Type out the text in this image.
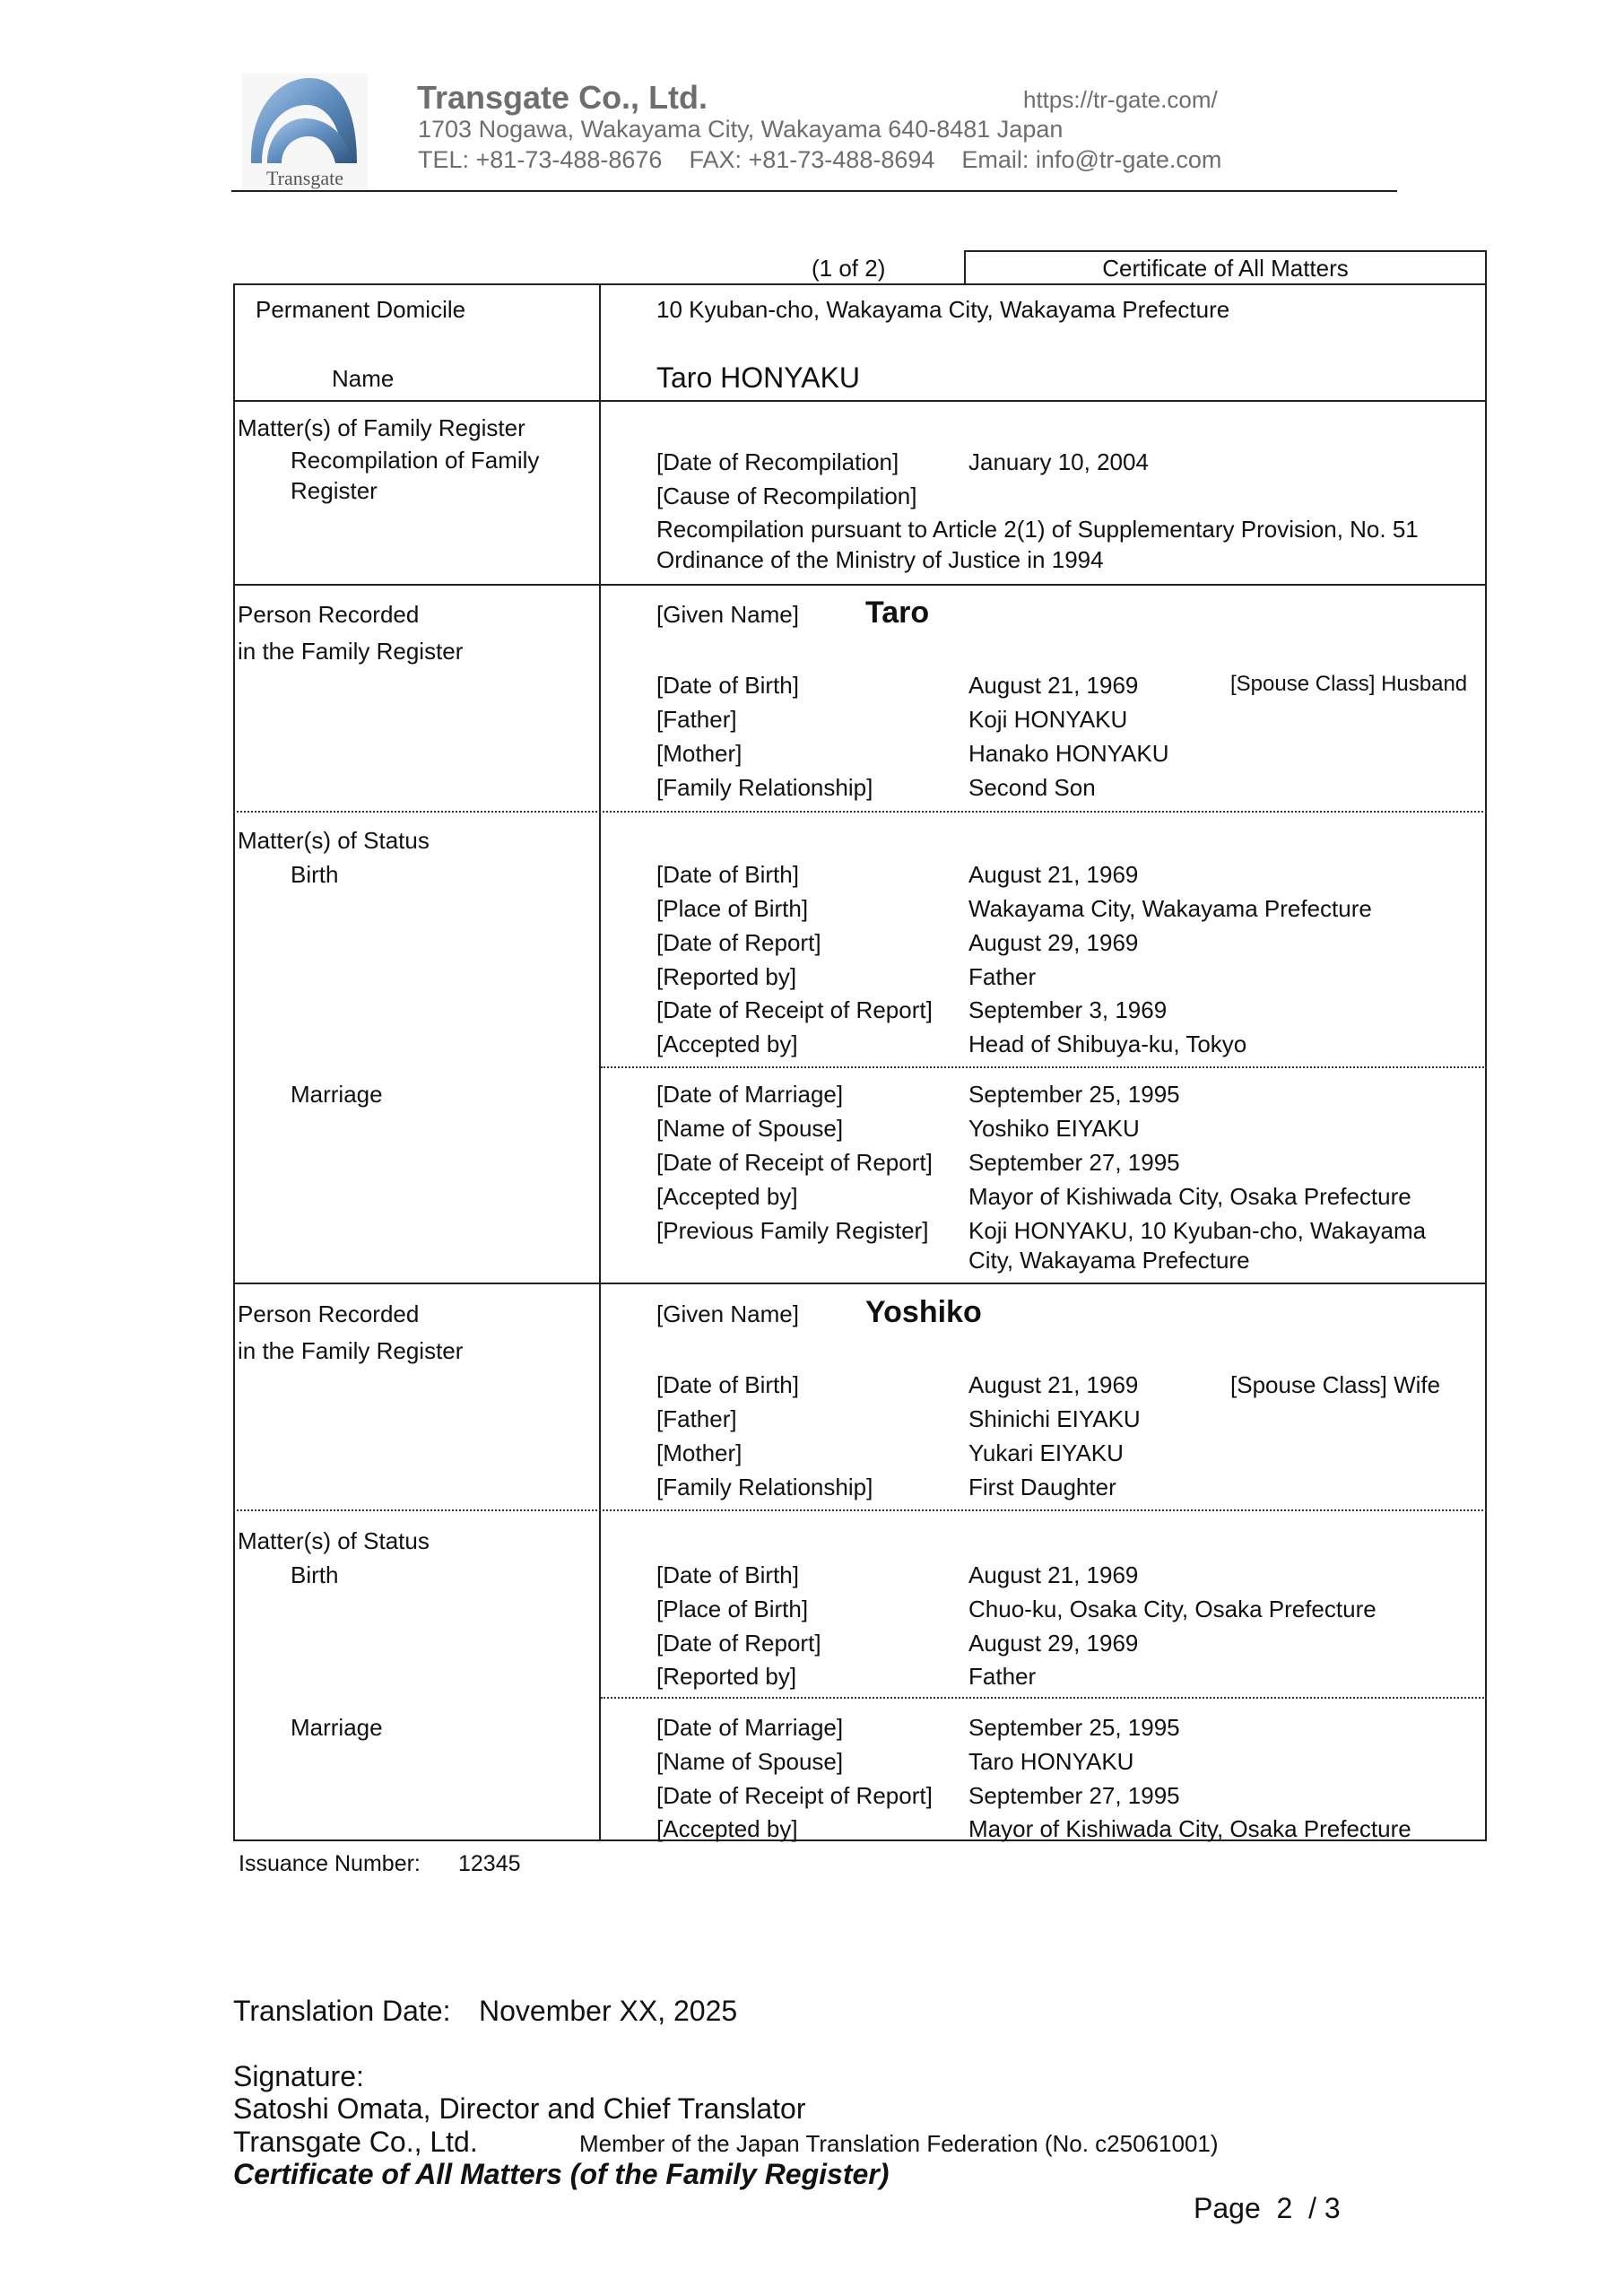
Transgate
Transgate Co., Ltd.	https://tr-gate.com/
1703 Nogawa, Wakayama City, Wakayama 640-8481 Japan
TEL: +81-73-488-8676    FAX: +81-73-488-8694    Email: info@tr-gate.com
(1 of 2)	Certificate of All Matters
Permanent Domicile	10 Kyuban-cho, Wakayama City, Wakayama Prefecture
Name	Taro HONYAKU
Matter(s) of Family Register
Recompilation of Family
Register
[Date of Recompilation]	January 10, 2004
[Cause of Recompilation]
Recompilation pursuant to Article 2(1) of Supplementary Provision, No. 51
Ordinance of the Ministry of Justice in 1994
Person Recorded
in the Family Register
[Given Name] Taro
[Date of Birth]	August 21, 1969	[Spouse Class] Husband
[Father]	Koji HONYAKU
[Mother]	Hanako HONYAKU
[Family Relationship]	Second Son
Matter(s) of Status
Birth	[Date of Birth]	August 21, 1969
[Place of Birth]	Wakayama City, Wakayama Prefecture
[Date of Report]	August 29, 1969
[Reported by]	Father
[Date of Receipt of Report] September 3, 1969
[Accepted by]	Head of Shibuya-ku, Tokyo
Marriage	[Date of Marriage]	September 25, 1995
[Name of Spouse]	Yoshiko EIYAKU
[Date of Receipt of Report] September 27, 1995
[Accepted by]	Mayor of Kishiwada City, Osaka Prefecture
[Previous Family Register] Koji HONYAKU, 10 Kyuban-cho, Wakayama
City, Wakayama Prefecture
Person Recorded
in the Family Register
[Given Name] Yoshiko
[Date of Birth]	August 21, 1969	[Spouse Class] Wife
[Father]	Shinichi EIYAKU
[Mother]	Yukari EIYAKU
[Family Relationship]	First Daughter
Matter(s) of Status
Birth	[Date of Birth]	August 21, 1969
[Place of Birth]	Chuo-ku, Osaka City, Osaka Prefecture
[Date of Report]	August 29, 1969
[Reported by]	Father
Marriage	[Date of Marriage]	September 25, 1995
[Name of Spouse]	Taro HONYAKU
[Date of Receipt of Report] September 27, 1995
[Accepted by]	Mayor of Kishiwada City, Osaka Prefecture
Issuance Number: 12345
Translation Date: November XX, 2025
Signature:
Satoshi Omata, Director and Chief Translator
Transgate Co., Ltd.	Member of the Japan Translation Federation (No. c25061001)
Certificate of All Matters (of the Family Register)
Page  2  / 3
